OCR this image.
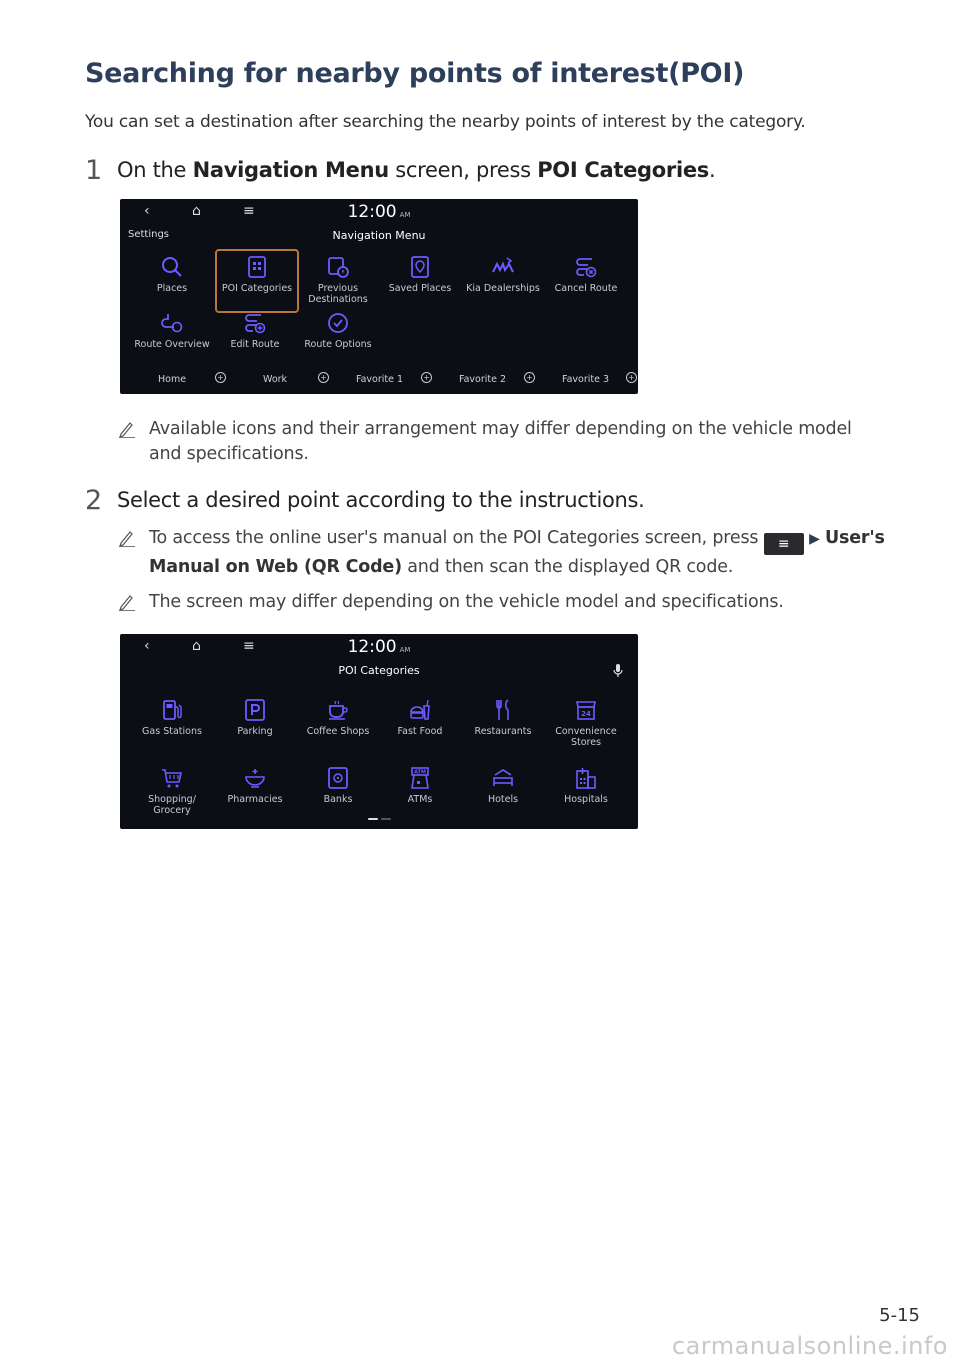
Searching for nearby points of interest(POI)
You can set a destination after searching the nearby points of interest by the category.
1 On the Navigation Menu screen, press POI Categories.
‹	⌂	≡	12:00 AM
Settings	Navigation Menu
Places	POI Categories	Previous Destinations
Saved Places	Kia Dealerships	Cancel Route
Route Overview	Edit Route	Route Options
Home	+	Work	+	Favorite 1	+	Favorite 2	+	Favorite 3 +
Available icons and their arrangement may differ depending on the vehicle model and specifications.
2 Select a desired point according to the instructions.
To access the online user's manual on the POI Categories screen, press ≡ ▶ User's Manual on Web (QR Code) and then scan the displayed QR code.
The screen may differ depending on the vehicle model and specifications.
‹	⌂	≡	12:00 AM
POI Categories
Gas Stations	Parking	Coffee Shops	Fast Food	Restaurants
24
Convenience Stores
Shopping/ Grocery
Pharmacies	Banks
ATM
ATMs	Hotels	Hospitals
5-15
carmanualsonline.info
